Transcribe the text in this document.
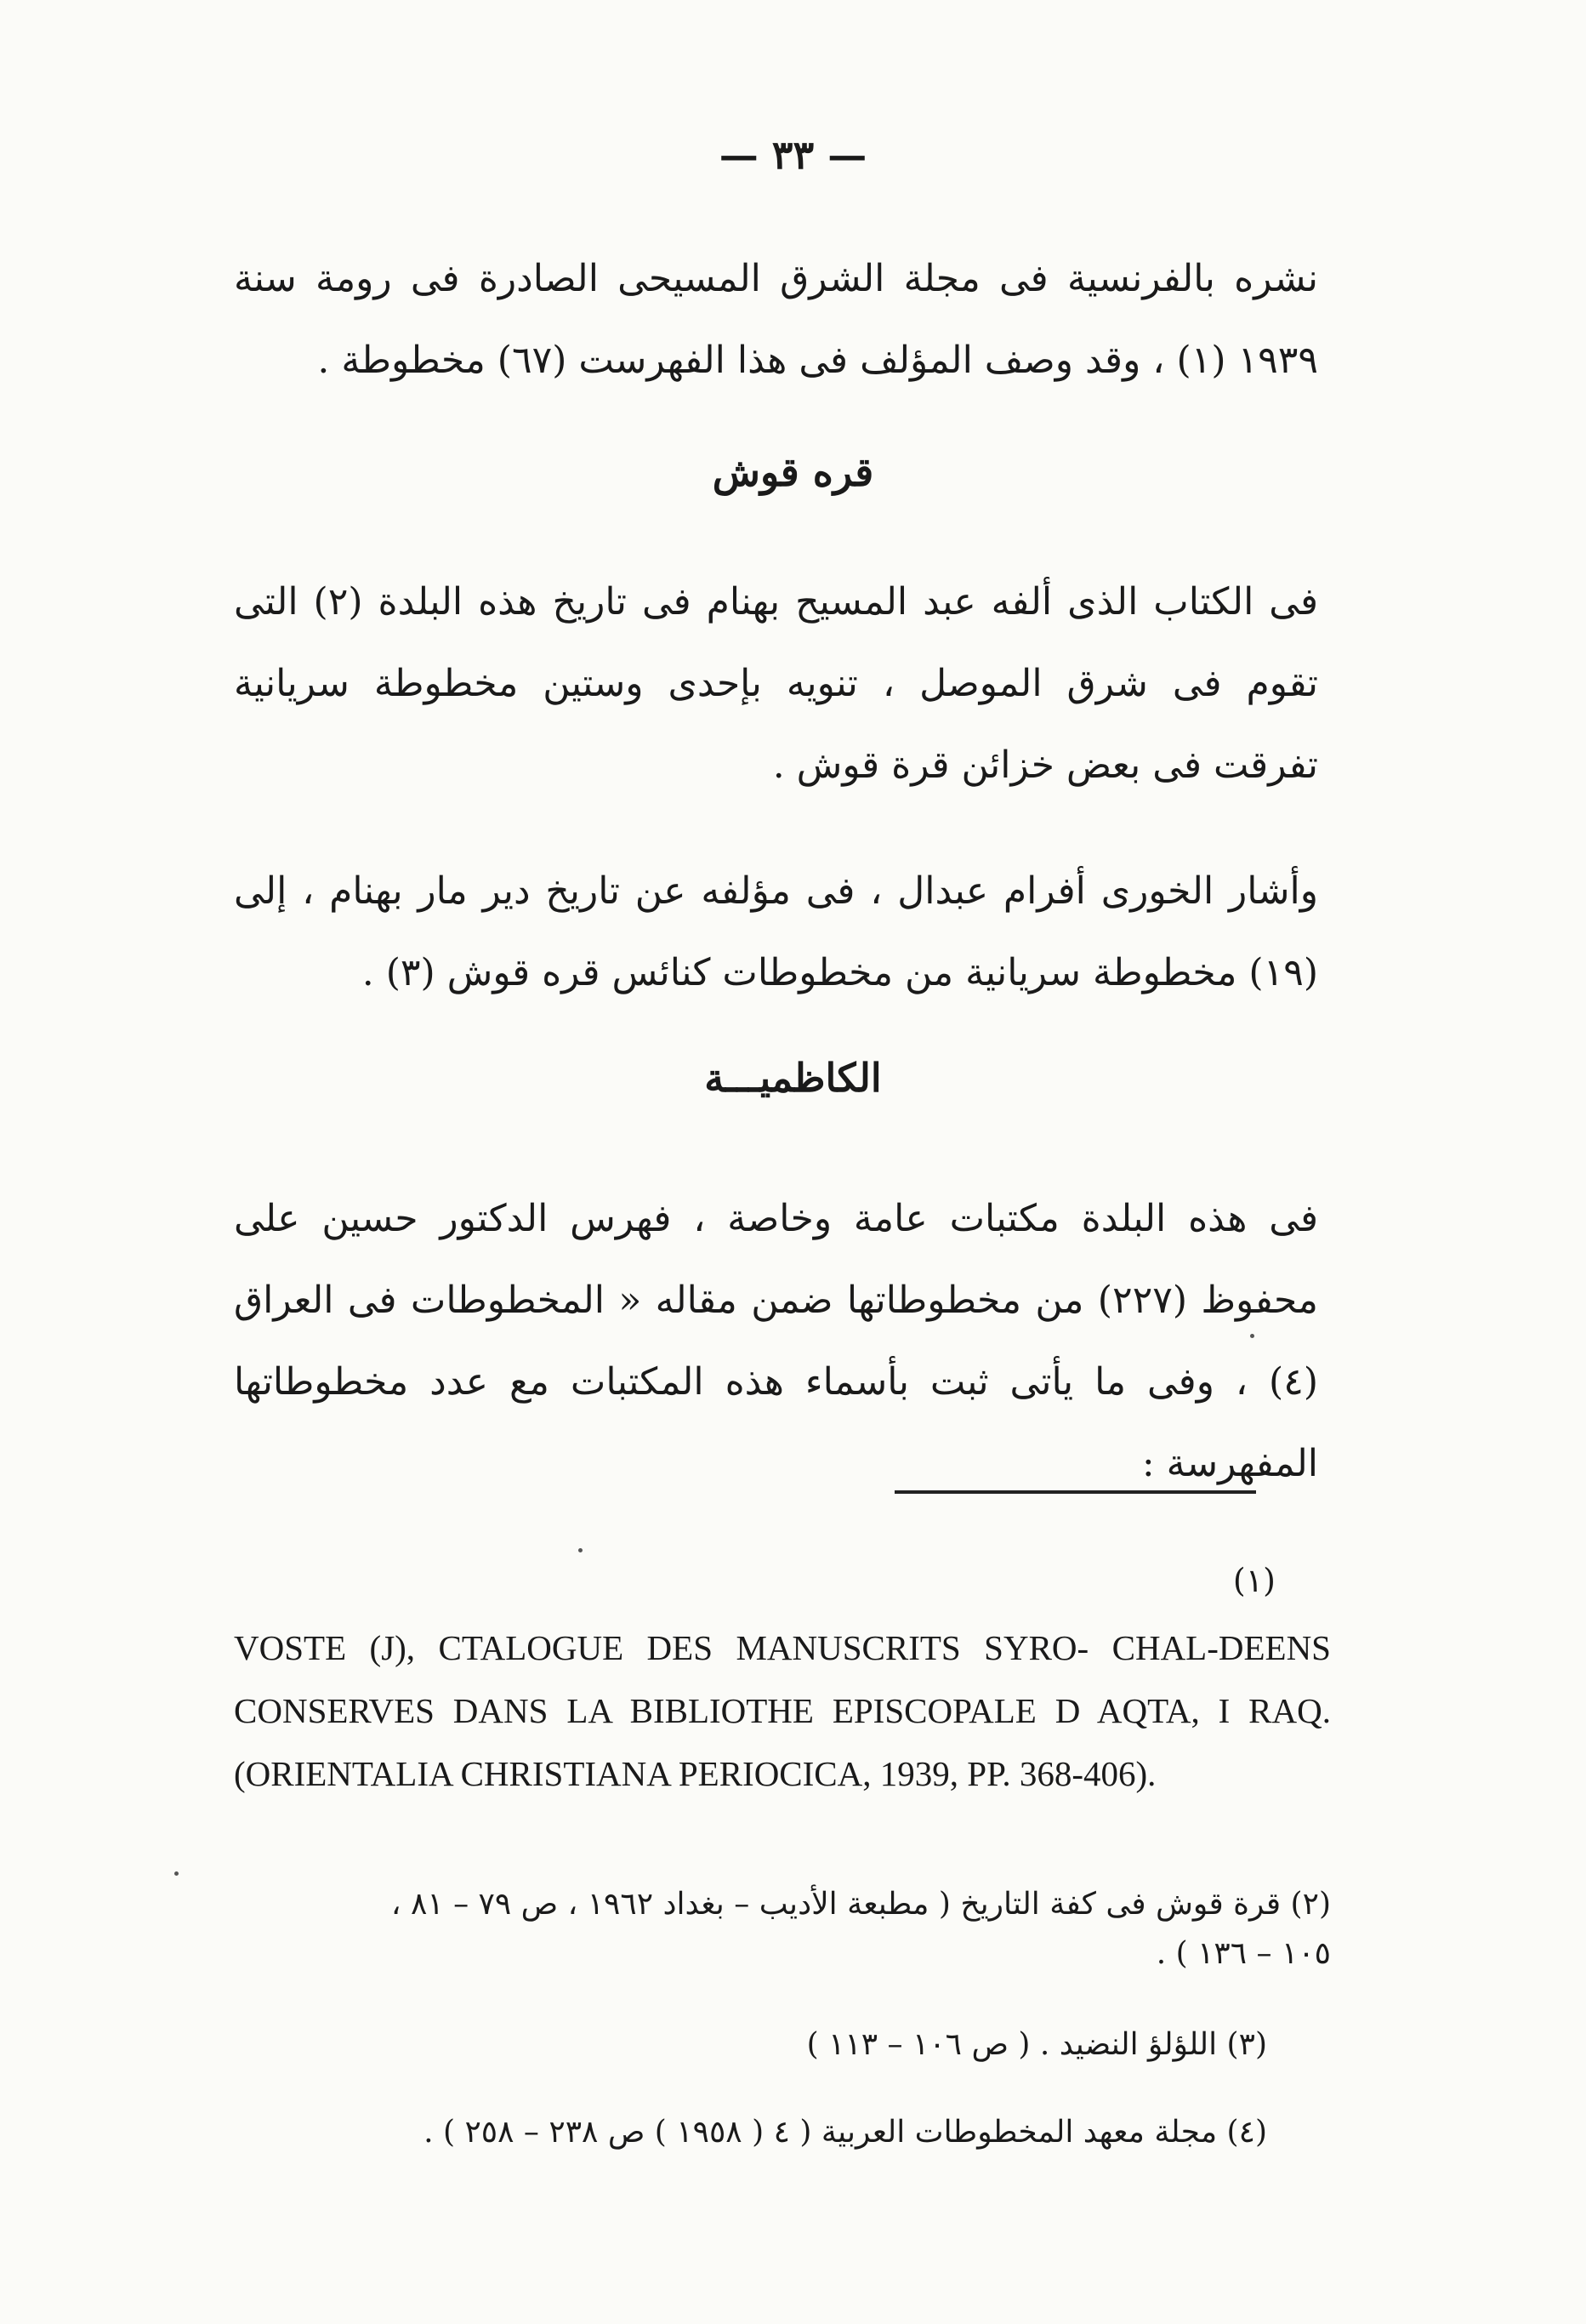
— ٣٣ —

نشره بالفرنسية فى مجلة الشرق المسيحى الصادرة فى رومة سنة ١٩٣٩ (١) ، وقد وصف المؤلف فى هذا الفهرست (٦٧) مخطوطة .

قره قوش

فى الكتاب الذى ألفه عبد المسيح بهنام فى تاريخ هذه البلدة (٢) التى تقوم فى شرق الموصل ، تنويه بإحدى وستين مخطوطة سريانية تفرقت فى بعض خزائن قرة قوش .

وأشار الخورى أفرام عبدال ، فى مؤلفه عن تاريخ دير مار بهنام ، إلى (١٩) مخطوطة سريانية من مخطوطات كنائس قره قوش (٣) .

الكاظميـــة

فى هذه البلدة مكتبات عامة وخاصة ، فهرس الدكتور حسين على محفوظ (٢٢٧) من مخطوطاتها ضمن مقاله « المخطوطات فى العراق (٤) ، وفى ما يأتى ثبت بأسماء هذه المكتبات مع عدد مخطوطاتها المفهرسة :

(١)

VOSTE (J), CTALOGUE DES MANUSCRITS SYRO- CHAL-DEENS CONSERVES DANS LA BIBLIOTHE EPISCOPALE D AQTA, I RAQ. (ORIENTALIA CHRISTIANA PERIOCICA, 1939, PP. 368-406).

(٢) قرة قوش فى كفة التاريخ ( مطبعة الأديب – بغداد ١٩٦٢ ، ص ٧٩ – ٨١ ،

١٠٥ – ١٣٦ ) .

(٣) اللؤلؤ النضيد . ( ص ١٠٦ – ١١٣ )

(٤) مجلة معهد المخطوطات العربية ( ٤ ( ١٩٥٨ ) ص ٢٣٨ – ٢٥٨ ) .
